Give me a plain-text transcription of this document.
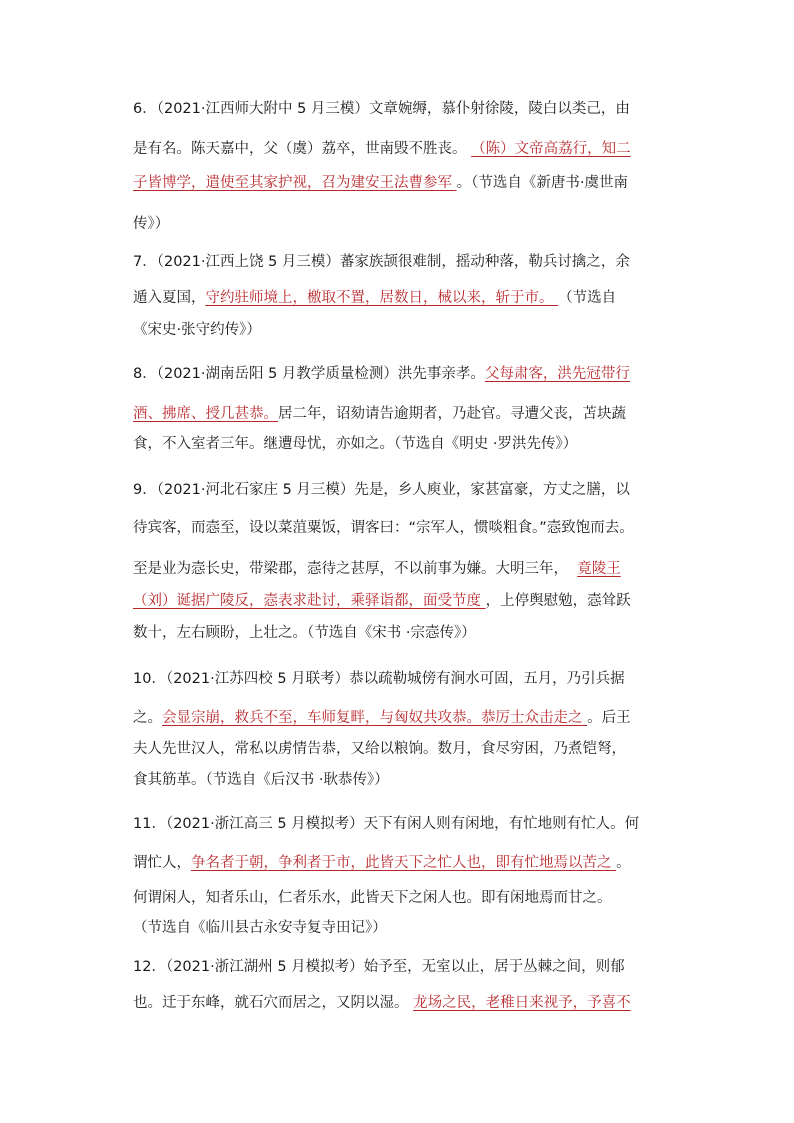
6．（2021·江西师大附中 5 月三模）文章婉缛，慕仆射徐陵，陵白以类己，由
是有名。陈天嘉中，父（虞）荔卒，世南毁不胜丧。 （陈）文帝高荔行，知二
子皆博学，遣使至其家护视，召为建安王法曹参军 。（节选自《新唐书·虞世南
传》）
7．（2021·江西上饶 5 月三模）蕃家族颉很难制，摇动种落，勒兵讨擒之，余
遁入夏国，守约驻师境上，檄取不置，居数日，械以来，斩于市。 （节选自
《宋史·张守约传》）
8．（2021·湖南岳阳 5 月教学质量检测）洪先事亲孝。父每肃客，洪先冠带行
酒、拂席、授几甚恭。居二年，诏劾请告逾期者，乃赴官。寻遭父丧，苫块蔬
食，不入室者三年。继遭母忧，亦如之。（节选自《明史 ·罗洪先传》）
9．（2021·河北石家庄 5 月三模）先是，乡人庾业，家甚富豪，方丈之膳，以
待宾客，而悫至，设以菜菹粟饭，谓客曰：“宗军人，惯啖粗食。”悫致饱而去。
至是业为悫长史，带梁郡，悫待之甚厚，不以前事为嫌。大明三年，  竟陵王
（刘）诞据广陵反，悫表求赴讨，乘驿诣都，面受节度 ，上停舆慰勉，悫耸跃
数十，左右顾盼，上壮之。（节选自《宋书 ·宗悫传》）
10．（2021·江苏四校 5 月联考）恭以疏勒城傍有涧水可固，五月，乃引兵据
之。会显宗崩，救兵不至，车师复畔，与匈奴共攻恭。恭厉士众击走之 。后王
夫人先世汉人，常私以虏情告恭，又给以粮饷。数月，食尽穷困，乃煮铠弩，
食其筋革。（节选自《后汉书 ·耿恭传》）
11．（2021·浙江高三 5 月模拟考）天下有闲人则有闲地，有忙地则有忙人。何
谓忙人，争名者于朝，争利者于市，此皆天下之忙人也，即有忙地焉以苦之 。
何谓闲人，知者乐山，仁者乐水，此皆天下之闲人也。即有闲地焉而甘之。
（节选自《临川县古永安寺复寺田记》）
12．（2021·浙江湖州 5 月模拟考）始予至，无室以止，居于丛棘之间，则郁
也。迁于东峰，就石穴而居之，又阴以湿。 龙场之民，老稚日来视予，予喜不
